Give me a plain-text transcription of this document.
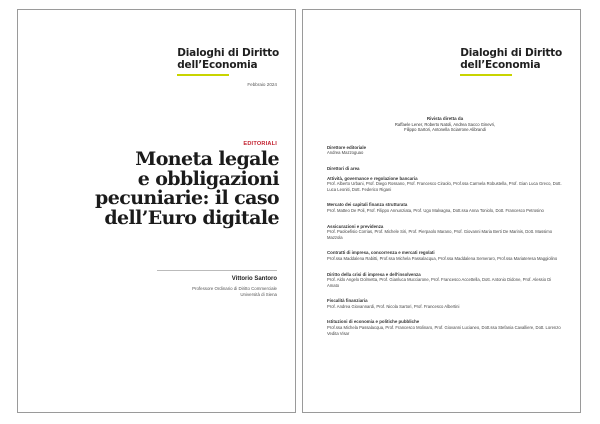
Dialoghi di Diritto
dell’Economia
Febbraio 2024
EDITORIALI
Moneta legale
e obbligazioni
pecuniarie: il caso
dell’Euro digitale
Vittorio Santoro
Professore Ordinario di Diritto Commerciale
Università di Siena
Dialoghi di Diritto
dell’Economia
Rivista diretta da
Raffaele Lener, Roberto Natoli, Andrea Sacco Ginevri,
Filippo Sartori, Antonella Sciarrone Alibrandi
Direttore editoriale
Andrea Mazzoguao
Direttori di area
Attività, governance e regolazione bancaria
Prof. Alberto Urbani, Prof. Diego Rossano, Prof. Francesco Ciraolo, Prof.ssa Carmela Robustella, Prof. Gian Luca Greco, Dott. Luca Leoniti, Dott. Federico Rigani
Mercato dei capitali finanza strutturata
Prof. Matteo De Poli, Prof. Filippo Annunziata, Prof. Ugo Malvagna, Dott.ssa Anna Toniolo, Dott. Francesco Petrosino
Assicurazioni e previdenza
Prof. Paoloefisio Corrias, Prof. Michele Siri, Prof. Pierpaolo Marano, Prof. Giovanni Maria Berti De Marinis, Dott. Massimo Mazzola
Contratti di impresa, concorrenza e mercati regolati
Prof.ssa Maddalena Rabitti, Prof.ssa Michela Passalacqua, Prof.ssa Maddalena Semeraro, Prof.ssa Mariateresa Maggiolino
Diritto della crisi di impresa e dell’insolvenza
Prof. Aldo Angelo Dolmetta, Prof. Gianluca Mucciarone, Prof. Francesco Accettella, Dott. Antonio Didone, Prof. Alessio Di Amato
Fiscalità finanziaria
Prof. Andrea Giovannardi, Prof. Nicola Sartori, Prof. Francesco Albertini
Istituzioni di economia e politiche pubbliche
Prof.ssa Michela Passalacqua, Prof. Francesco Molinaro, Prof. Giovanni Lucianeo, Dott.ssa Stefania Cavalliere, Dott. Lorenzo Vedita Visar
